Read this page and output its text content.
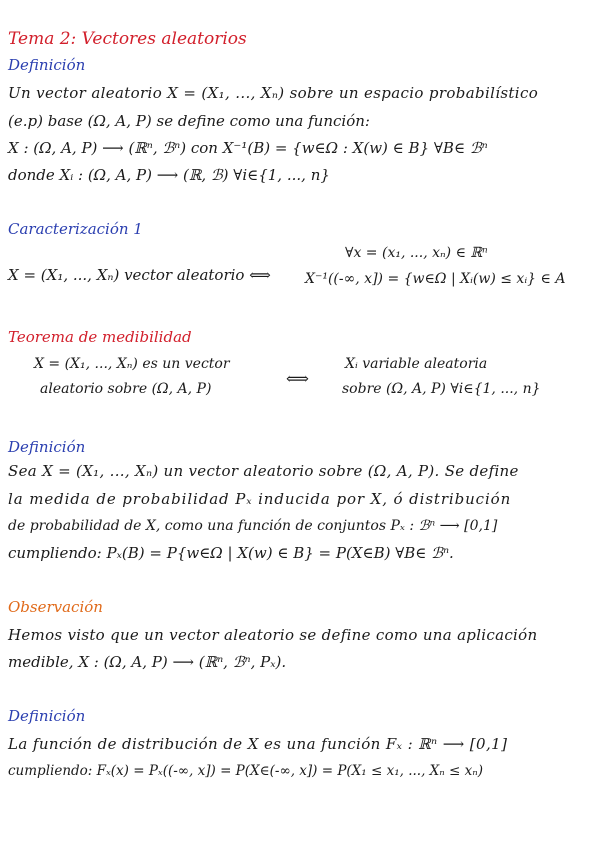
Tema 2: Vectores aleatorios
Definición
Un vector aleatorio X = (X₁, ..., Xₙ) sobre un espacio probabilístico
(e.p) base (Ω, A, P) se define como una función:
X : (Ω, A, P) ⟶ (ℝⁿ, ℬⁿ) con X⁻¹(B) = {w∈Ω : X(w) ∈ B} ∀B∈ ℬⁿ
donde Xᵢ : (Ω, A, P) ⟶ (ℝ, ℬ) ∀i∈{1, ..., n}
Caracterización 1
∀x = (x₁, ..., xₙ) ∈ ℝⁿ
X = (X₁, ..., Xₙ) vector aleatorio ⟺ X⁻¹((-∞, x]) = {w∈Ω | Xᵢ(w) ≤ xᵢ} ∈ A
Teorema de medibilidad
X = (X₁, ..., Xₙ) es un vector
aleatorio sobre (Ω, A, P)
⟺
Xᵢ variable aleatoria
sobre (Ω, A, P) ∀i∈{1, ..., n}
Definición
Sea X = (X₁, ..., Xₙ) un vector aleatorio sobre (Ω, A, P). Se define
la medida de probabilidad Pₓ inducida por X, ó distribución
de probabilidad de X, como una función de conjuntos Pₓ : ℬⁿ ⟶ [0,1]
cumpliendo: Pₓ(B) = P{w∈Ω | X(w) ∈ B} = P(X∈B) ∀B∈ ℬⁿ.
Observación
Hemos visto que un vector aleatorio se define como una aplicación
medible, X : (Ω, A, P) ⟶ (ℝⁿ, ℬⁿ, Pₓ).
Definición
La función de distribución de X es una función Fₓ : ℝⁿ ⟶ [0,1]
cumpliendo: Fₓ(x) = Pₓ((-∞, x]) = P(X∈(-∞, x]) = P(X₁ ≤ x₁, ..., Xₙ ≤ xₙ)
